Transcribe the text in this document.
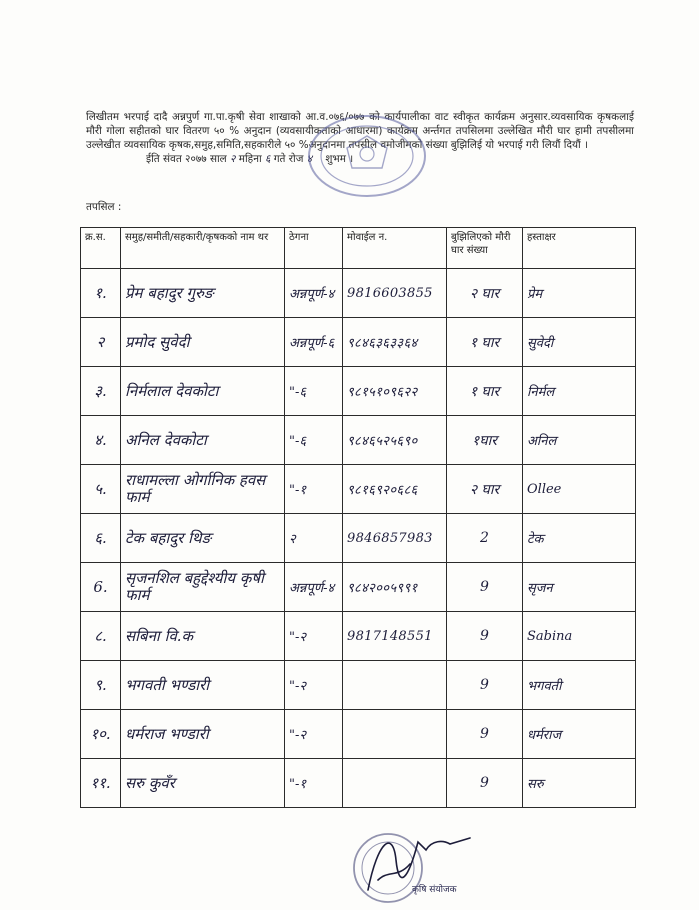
लिखीतम भरपाई दादै अन्नपुर्ण गा.पा.कृषी सेवा शाखाको आ.व.०७६/०७७ को कार्यपालीका वाट स्वीकृत कार्यक्रम अनुसार.व्यवसायिक कृषकलाई मौरी गोला सहीतको घार वितरण ५० % अनुदान (व्यवसायीकताको आधारमा) कार्यक्रम अर्न्तगत तपसिलमा उल्लेखित मौरी घार हामी तपसीलमा उल्लेखीत व्यवसायिक कृषक,समुह,समिति,सहकारीले ५० %अनुदानमा तपसील वमोजीमको संख्या बुझिलिई यो भरपाई गरी लियौं दियौं ।

ईति संवत २०७७ साल २ महिना ६ गते रोज ४ शुभम ।

तपसिल :
क्र.स.	समुह/समीती/सहकारी/कृषकको नाम थर	ठेगना	मोवाईल न.	बुझिलिएको मौरी घार संख्या	हस्ताक्षर
१.	प्रेम बहादुर गुरुङ	अन्नपूर्ण-४	9816603855	२ घार	प्रेम
२	प्रमोद सुवेदी	अन्नपूर्ण-६	९८४६३६३३६४	१ घार	सुवेदी
३.	निर्मलाल देवकोटा	"-६	९८१५१०९६२२	१ घार	निर्मल
४.	अनिल देवकोटा	"-६	९८४६५२५६९०	१घार	अनिल
५.	राधामल्ला ओर्गानिक हवस फार्म	"-१	९८१६९२०६८६	२ घार	Ollee
६.	टेक बहादुर थिङ	२	9846857983	2	टेक
6.	सृजनशिल बहुद्देश्यीय कृषी फार्म	अन्नपूर्ण-४	९८४२००५९९१	9	सृजन
८.	सबिना वि.क	"-२	9817148551	9	Sabina
९.	भगवती भण्डारी	"-२		9	भगवती
१०.	धर्मराज भण्डारी	"-२		9	धर्मराज
११.	सरु कुवँर	"-१		9	सरु
कृषि संयोजक
